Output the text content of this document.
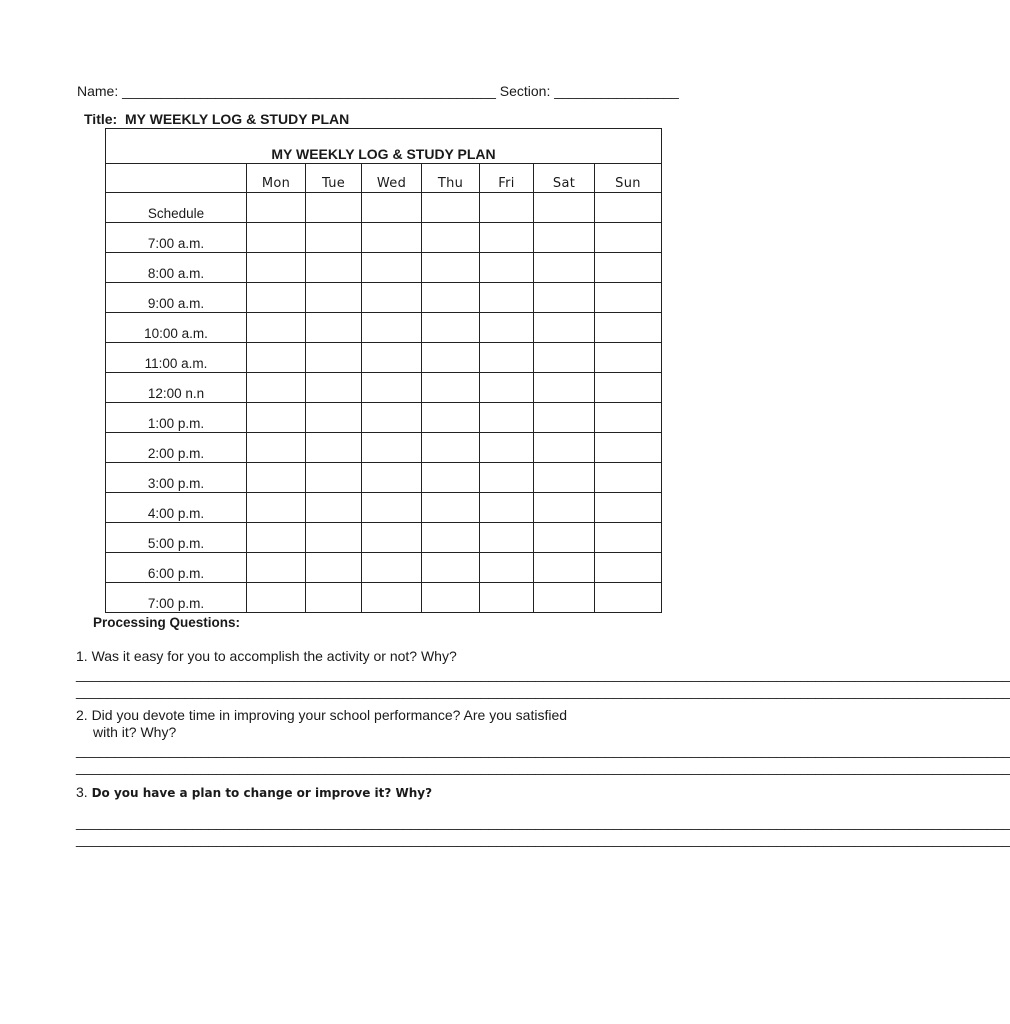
Name: ________________________________________________ Section: ________________
Title: MY WEEKLY LOG & STUDY PLAN
MY WEEKLY LOG & STUDY PLAN							
	Mon	Tue	Wed	Thu	Fri	Sat	Sun
Schedule							
7:00 a.m.							
8:00 a.m.							
9:00 a.m.							
10:00 a.m.							
11:00 a.m.							
12:00 n.n							
1:00 p.m.							
2:00 p.m.							
3:00 p.m.							
4:00 p.m.							
5:00 p.m.							
6:00 p.m.							
7:00 p.m.							
Processing Questions:
1. Was it easy for you to accomplish the activity or not? Why?
________________________________________________________________________________________________________________________
________________________________________________________________________________________________________________________
2. Did you devote time in improving your school performance? Are you satisfied
with it? Why?
________________________________________________________________________________________________________________________
________________________________________________________________________________________________________________________
3. Do you have a plan to change or improve it? Why?
________________________________________________________________________________________________________________________
________________________________________________________________________________________________________________________
